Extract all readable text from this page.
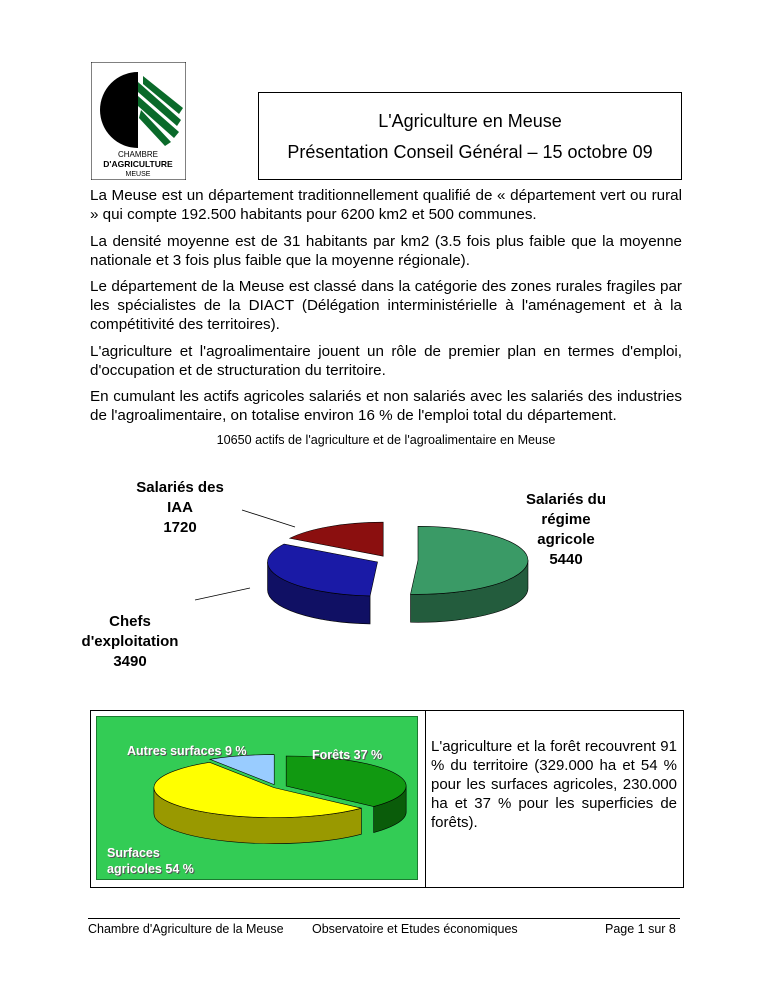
CHAMBRE
D'AGRICULTURE
MEUSE
L'Agriculture en Meuse
Présentation Conseil Général – 15 octobre 09

La Meuse est un département traditionnellement qualifié de « département vert ou rural » qui compte 192.500 habitants pour 6200 km2 et 500 communes.

La densité moyenne est de 31 habitants par km2 (3.5 fois plus faible que la moyenne nationale et 3 fois plus faible que la moyenne régionale).

Le département de la Meuse est classé dans la catégorie des zones rurales fragiles par les spécialistes de la DIACT (Délégation interministérielle à l'aménagement et à la compétitivité des territoires).

L'agriculture et l'agroalimentaire jouent un rôle de premier plan en termes d'emploi, d'occupation et de structuration du territoire.

En cumulant les actifs agricoles salariés et non salariés avec les salariés des industries de l'agroalimentaire, on totalise environ 16 % de l'emploi total du département.

10650 actifs de l'agriculture et de l'agroalimentaire en Meuse
Salariés des
IAA
1720
Salariés du
régime
agricole
5440
Chefs
d'exploitation
3490
Autres surfaces 9 %	Forêts 37 %
Surfaces
agricoles 54 %

L'agriculture et la forêt recouvrent 91 % du territoire (329.000 ha et 54 % pour les surfaces agricoles, 230.000 ha et 37 % pour les superficies de forêts).

Chambre d'Agriculture de la Meuse Observatoire et Etudes économiques	Page 1 sur 8
